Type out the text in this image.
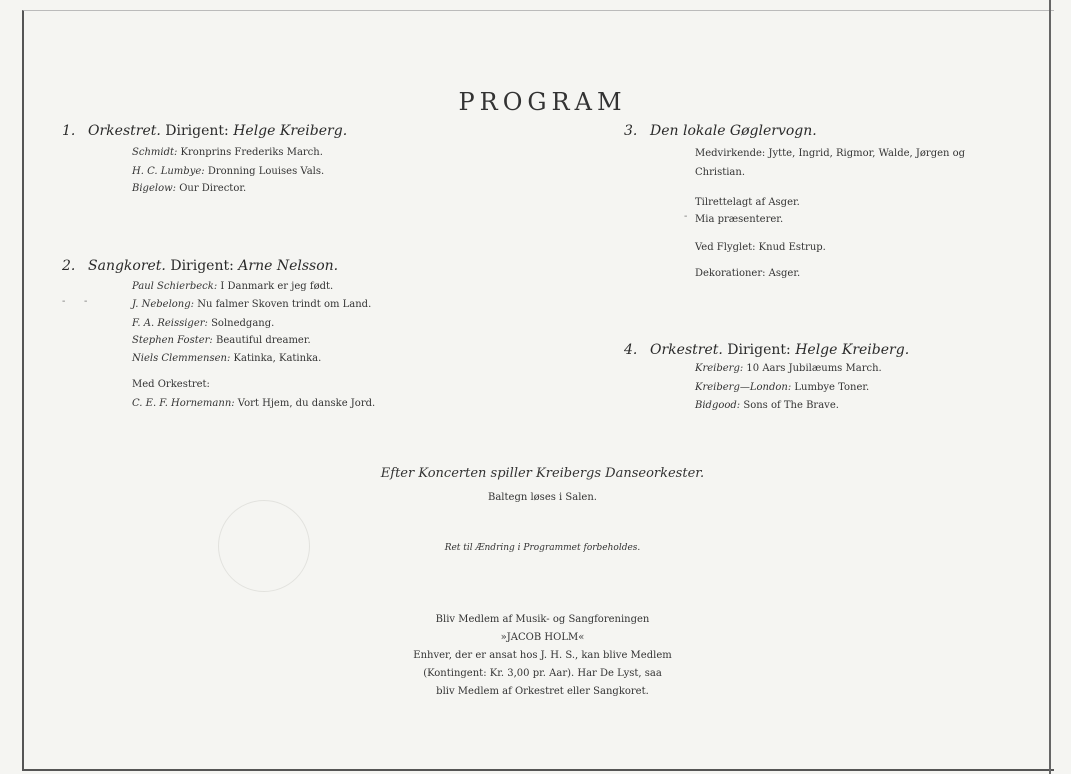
PROGRAM
1. Orkestret. Dirigent: Helge Kreiberg.
Schmidt: Kronprins Frederiks March.
H. C. Lumbye: Dronning Louises Vals.
Bigelow: Our Director.
2. Sangkoret. Dirigent: Arne Nelsson.
Paul Schierbeck: I Danmark er jeg født.
J. Nebelong: Nu falmer Skoven trindt om Land.
F. A. Reissiger: Solnedgang.
Stephen Foster: Beautiful dreamer.
Niels Clemmensen: Katinka, Katinka.
Med Orkestret:
C. E. F. Hornemann: Vort Hjem, du danske Jord.
- -
3. Den lokale Gøglervogn.
Medvirkende: Jytte, Ingrid, Rigmor, Walde, Jørgen og
Christian.
Tilrettelagt af Asger.
Mia præsenterer.
-
Ved Flyglet: Knud Estrup.
Dekorationer: Asger.
4. Orkestret. Dirigent: Helge Kreiberg.
Kreiberg: 10 Aars Jubilæums March.
Kreiberg—London: Lumbye Toner.
Bidgood: Sons of The Brave.
Efter Koncerten spiller Kreibergs Danseorkester.
Baltegn løses i Salen.
Ret til Ændring i Programmet forbeholdes.
Bliv Medlem af Musik- og Sangforeningen
»JACOB HOLM«
Enhver, der er ansat hos J. H. S., kan blive Medlem
(Kontingent: Kr. 3,00 pr. Aar). Har De Lyst, saa
bliv Medlem af Orkestret eller Sangkoret.
